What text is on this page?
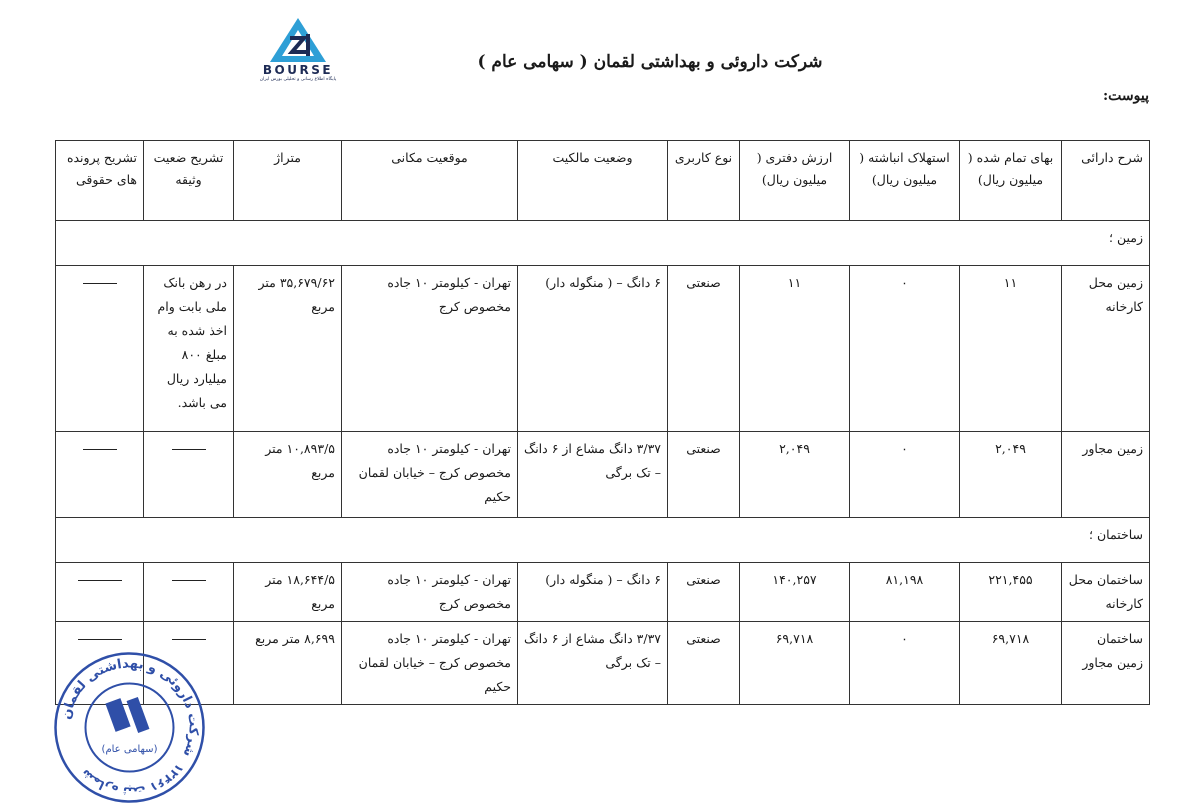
BOURSE
پایگاه اطلاع رسانی و تحلیلی بورس ایران
شرکت داروئی و بهداشتی لقمان ( سهامی عام )
پیوست:
شرح دارائی	بهای تمام شده ( میلیون ریال)	استهلاک انباشته ( میلیون ریال)	ارزش دفتری ( میلیون ریال)	نوع کاربری	وضعیت مالکیت	موقعیت مکانی	متراژ	تشریح ضعیت وثیقه	تشریح پرونده های حقوقی
زمین ؛									
زمین محل کارخانه	۱۱	۰	۱۱	صنعتی	۶ دانگ – ( منگوله دار)	تهران - کیلومتر ۱۰ جاده مخصوص کرج	۳۵,۶۷۹/۶۲ متر مربع	در رهن بانک ملی بابت وام اخذ شده به مبلغ ۸۰۰ میلیارد ریال می باشد.	
زمین مجاور	۲,۰۴۹	۰	۲,۰۴۹	صنعتی	۳/۳۷ دانگ مشاع از ۶ دانگ – تک برگی	تهران - کیلومتر ۱۰ جاده مخصوص کرج – خیابان لقمان حکیم	۱۰,۸۹۳/۵ متر مربع		
ساختمان ؛									
ساختمان محل کارخانه	۲۲۱,۴۵۵	۸۱,۱۹۸	۱۴۰,۲۵۷	صنعتی	۶ دانگ – ( منگوله دار)	تهران - کیلومتر ۱۰ جاده مخصوص کرج	۱۸,۶۴۴/۵ متر مربع		
ساختمان زمین مجاور	۶۹,۷۱۸	۰	۶۹,۷۱۸	صنعتی	۳/۳۷ دانگ مشاع از ۶ دانگ – تک برگی	تهران - کیلومتر ۱۰ جاده مخصوص کرج – خیابان لقمان حکیم	۸,۶۹۹ متر مربع		
شرکت داروئی و بهداشتی لقمان
شماره ثبت ۱۲۴۶۱
(سهامی عام)
